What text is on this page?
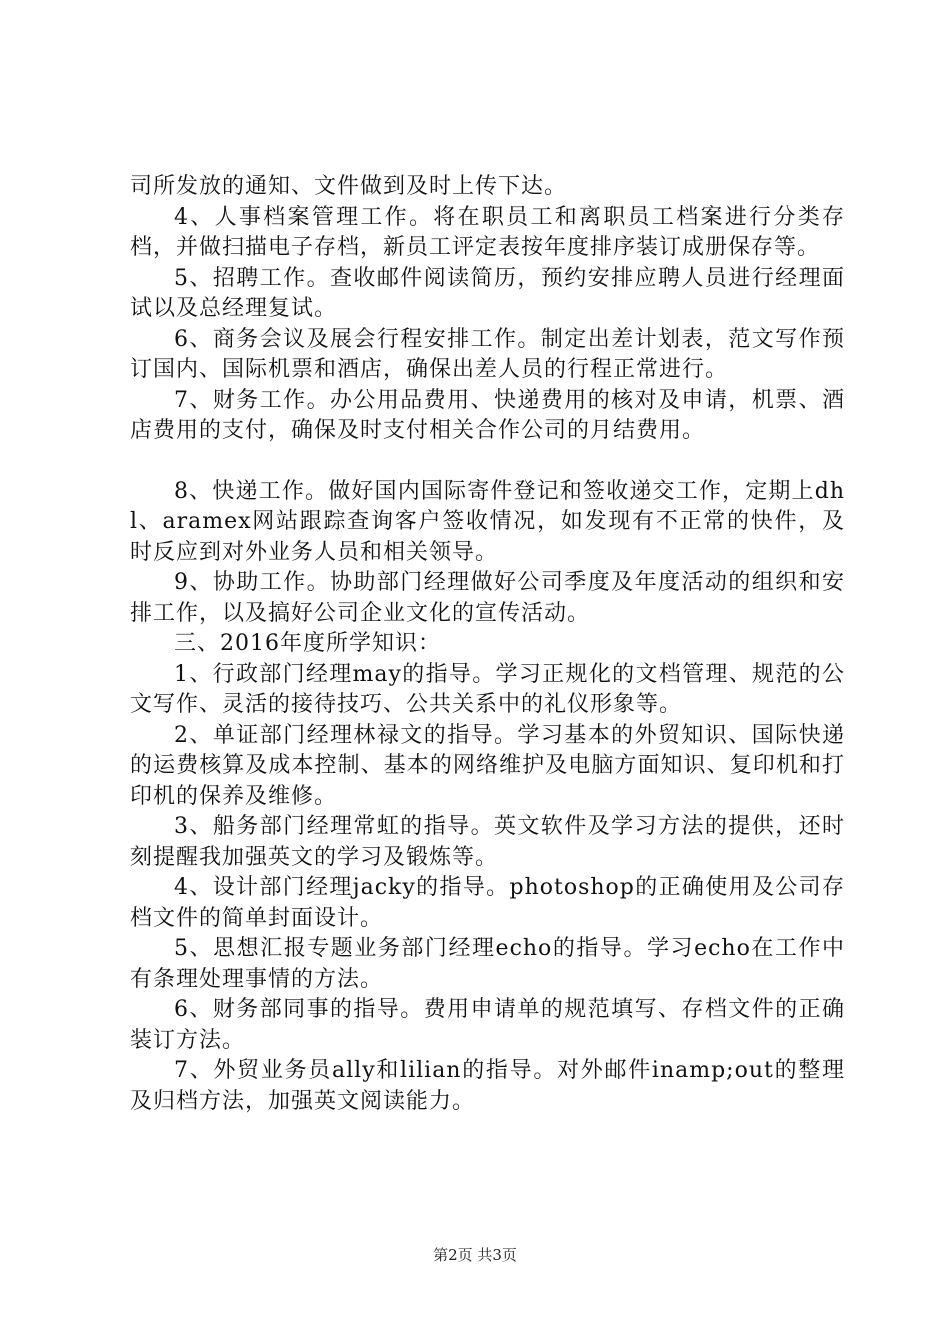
司所发放的通知、文件做到及时上传下达。

4、人事档案管理工作。将在职员工和离职员工档案进行分类存档，并做扫描电子存档，新员工评定表按年度排序装订成册保存等。

5、招聘工作。查收邮件阅读简历，预约安排应聘人员进行经理面试以及总经理复试。

6、商务会议及展会行程安排工作。制定出差计划表，范文写作预订国内、国际机票和酒店，确保出差人员的行程正常进行。

7、财务工作。办公用品费用、快递费用的核对及申请，机票、酒店费用的支付，确保及时支付相关合作公司的月结费用。

8、快递工作。做好国内国际寄件登记和签收递交工作，定期上dhl、aramex网站跟踪查询客户签收情况，如发现有不正常的快件，及时反应到对外业务人员和相关领导。

9、协助工作。协助部门经理做好公司季度及年度活动的组织和安排工作，以及搞好公司企业文化的宣传活动。

三、2016年度所学知识：

1、行政部门经理may的指导。学习正规化的文档管理、规范的公文写作、灵活的接待技巧、公共关系中的礼仪形象等。

2、单证部门经理林禄文的指导。学习基本的外贸知识、国际快递的运费核算及成本控制、基本的网络维护及电脑方面知识、复印机和打印机的保养及维修。

3、船务部门经理常虹的指导。英文软件及学习方法的提供，还时刻提醒我加强英文的学习及锻炼等。

4、设计部门经理jacky的指导。photoshop的正确使用及公司存档文件的简单封面设计。

5、思想汇报专题业务部门经理echo的指导。学习echo在工作中有条理处理事情的方法。

6、财务部同事的指导。费用申请单的规范填写、存档文件的正确装订方法。

7、外贸业务员ally和lilian的指导。对外邮件inamp;out的整理及归档方法，加强英文阅读能力。

第2页 共3页
